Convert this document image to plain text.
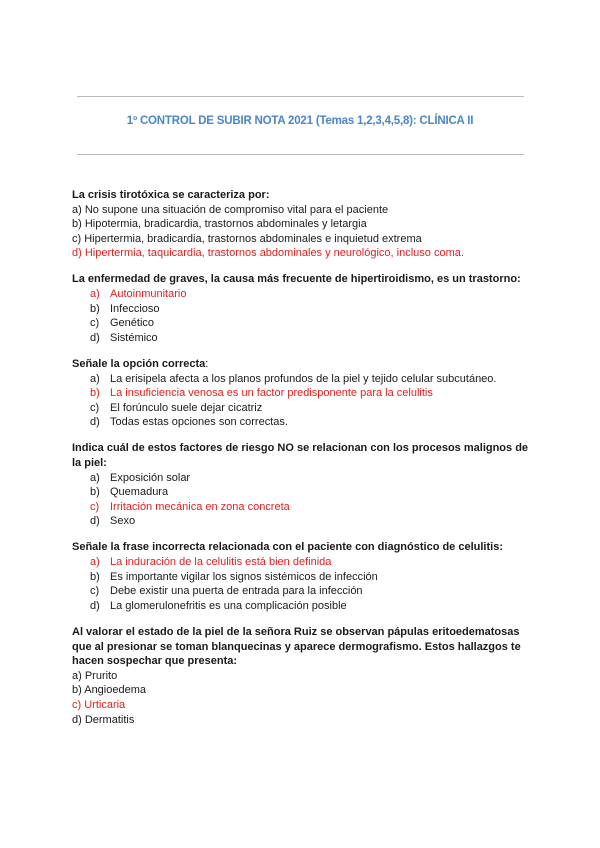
1º CONTROL DE SUBIR NOTA 2021 (Temas 1,2,3,4,5,8): CLÍNICA II
La crisis tirotóxica se caracteriza por:
a) No supone una situación de compromiso vital para el paciente
b) Hipotermia, bradicardia, trastornos abdominales y letargia
c) Hipertermia, bradicardia, trastornos abdominales e inquietud extrema
d) Hipertermia, taquicardia, trastornos abdominales y neurológico, incluso coma.
La enfermedad de graves, la causa más frecuente de hipertiroidismo, es un trastorno:
a) Autoinmunitario
b) Infeccioso
c) Genético
d) Sistémico
Señale la opción correcta:
a) La erisipela afecta a los planos profundos de la piel y tejido celular subcutáneo.
b) La insuficiencia venosa es un factor predisponente para la celulitis
c) El forúnculo suele dejar cicatriz
d) Todas estas opciones son correctas.
Indica cuál de estos factores de riesgo NO se relacionan con los procesos malignos de la piel:
a) Exposición solar
b) Quemadura
c) Irritación mecánica en zona concreta
d) Sexo
Señale la frase incorrecta relacionada con el paciente con diagnóstico de celulitis:
a) La induración de la celulitis está bien definida
b) Es importante vigilar los signos sistémicos de infección
c) Debe existir una puerta de entrada para la infección
d) La glomerulonefritis es una complicación posible
Al valorar el estado de la piel de la señora Ruiz se observan pápulas eritoedematosas que al presionar se toman blanquecinas y aparece dermografismo. Estos hallazgos te hacen sospechar que presenta:
a) Prurito
b) Angioedema
c) Urticaria
d) Dermatitis
